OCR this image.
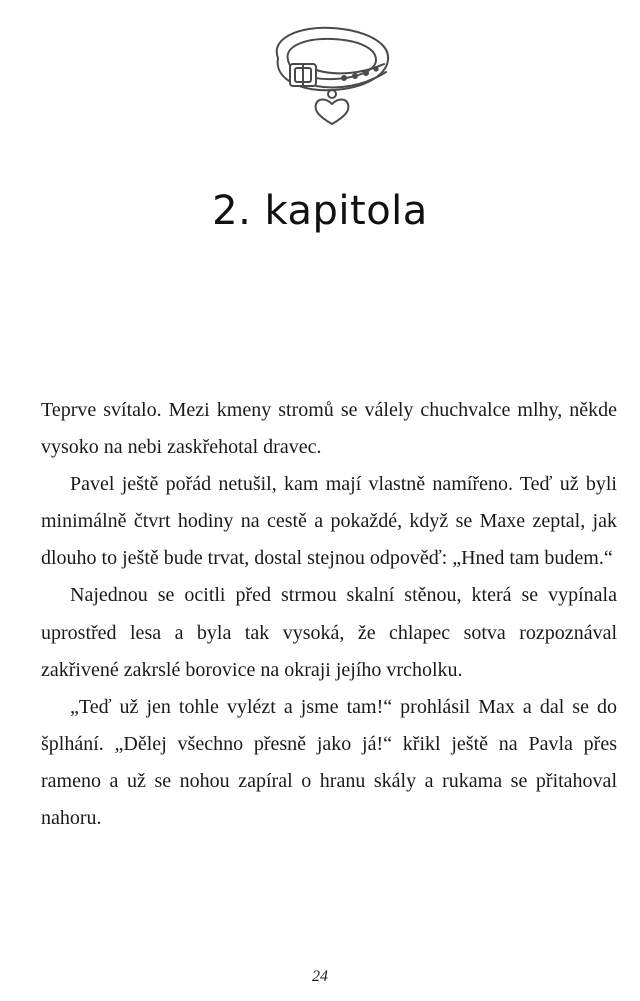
2. kapitola

Teprve svítalo. Mezi kmeny stromů se válely chuchvalce mlhy, někde vysoko na nebi zaskřehotal dravec.

Pavel ještě pořád netušil, kam mají vlastně namířeno. Teď už byli minimálně čtvrt hodiny na cestě a pokaždé, když se Maxe zeptal, jak dlouho to ještě bude trvat, dostal stejnou odpověď: „Hned tam budem.“

Najednou se ocitli před strmou skalní stěnou, která se vypínala uprostřed lesa a byla tak vysoká, že chlapec sotva rozpoznával zakřivené zakrslé borovice na okraji jejího vrcholku.

„Teď už jen tohle vylézt a jsme tam!“ prohlásil Max a dal se do šplhání. „Dělej všechno přesně jako já!“ křikl ještě na Pavla přes rameno a už se nohou zapíral o hranu skály a rukama se přitahoval nahoru.

24
